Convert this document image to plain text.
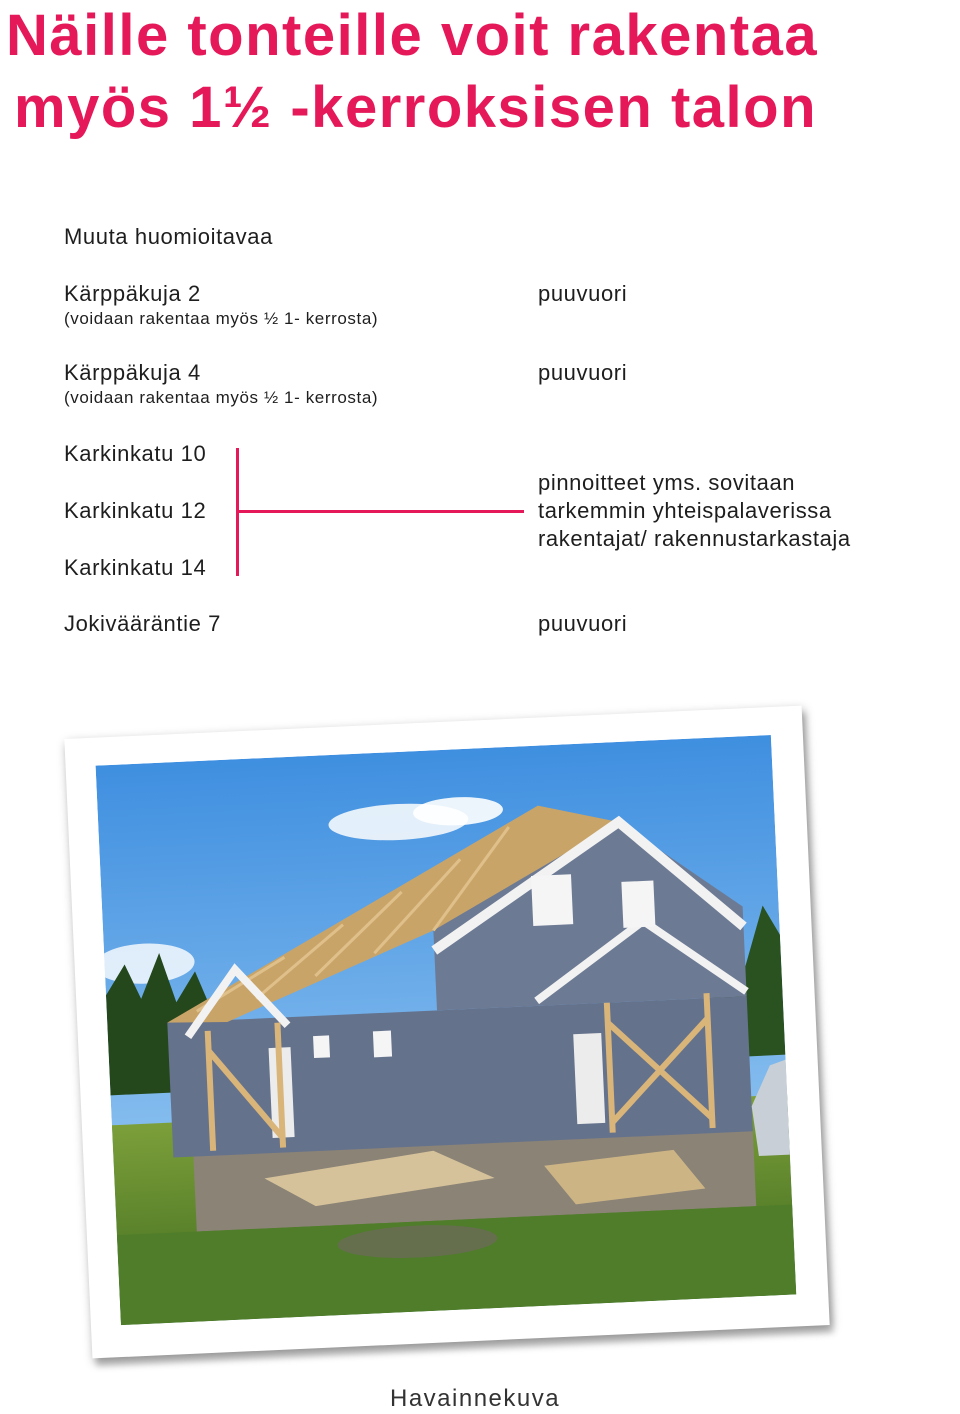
Näille tonteille voit rakentaa
myös 1½ -kerroksisen talon
Muuta huomioitavaa
Kärppäkuja 2
(voidaan rakentaa myös ½ 1- kerrosta)
puuvuori
Kärppäkuja 4
(voidaan rakentaa myös ½ 1- kerrosta)
puuvuori
Karkinkatu 10
Karkinkatu 12
Karkinkatu 14
pinnoitteet yms. sovitaan
tarkemmin yhteispalaverissa
rakentajat/ rakennustarkastaja
Jokivääräntie 7	puuvuori
Havainnekuva
